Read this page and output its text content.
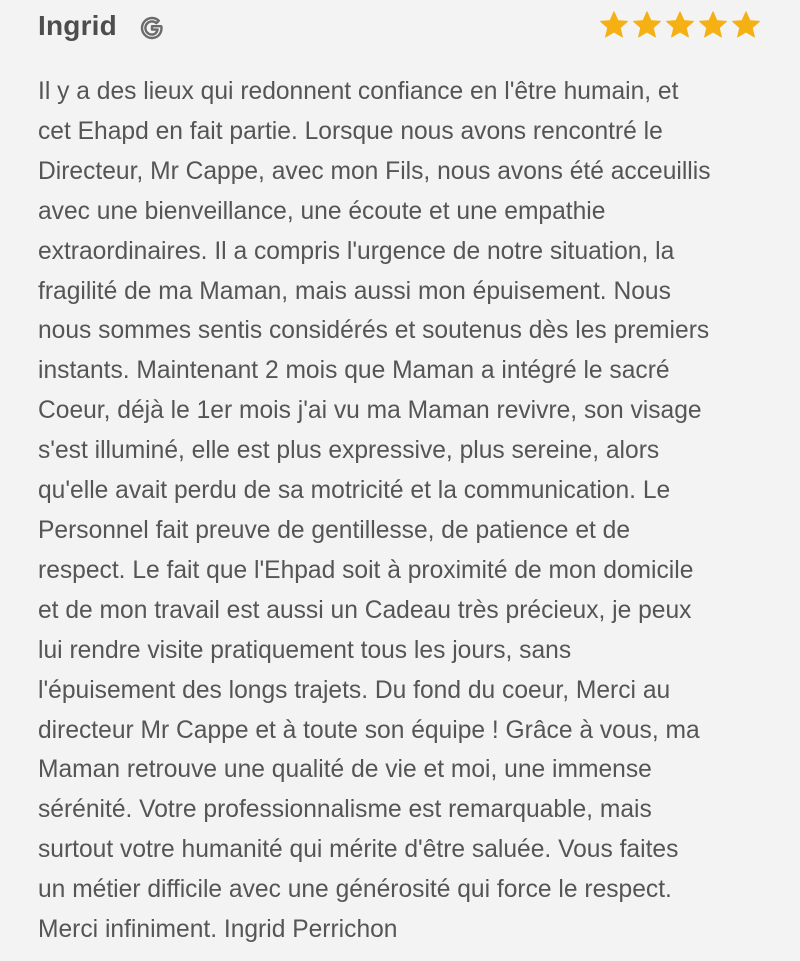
Ingrid

Il y a des lieux qui redonnent confiance en l'être humain, et
cet Ehapd en fait partie. Lorsque nous avons rencontré le
Directeur, Mr Cappe, avec mon Fils, nous avons été acceuillis
avec une bienveillance, une écoute et une empathie
extraordinaires. Il a compris l'urgence de notre situation, la
fragilité de ma Maman, mais aussi mon épuisement. Nous
nous sommes sentis considérés et soutenus dès les premiers
instants. Maintenant 2 mois que Maman a intégré le sacré
Coeur, déjà le 1er mois j'ai vu ma Maman revivre, son visage
s'est illuminé, elle est plus expressive, plus sereine, alors
qu'elle avait perdu de sa motricité et la communication. Le
Personnel fait preuve de gentillesse, de patience et de
respect. Le fait que l'Ehpad soit à proximité de mon domicile
et de mon travail est aussi un Cadeau très précieux, je peux
lui rendre visite pratiquement tous les jours, sans
l'épuisement des longs trajets. Du fond du coeur, Merci au
directeur Mr Cappe et à toute son équipe ! Grâce à vous, ma
Maman retrouve une qualité de vie et moi, une immense
sérénité. Votre professionnalisme est remarquable, mais
surtout votre humanité qui mérite d'être saluée. Vous faites
un métier difficile avec une générosité qui force le respect.
Merci infiniment. Ingrid Perrichon
